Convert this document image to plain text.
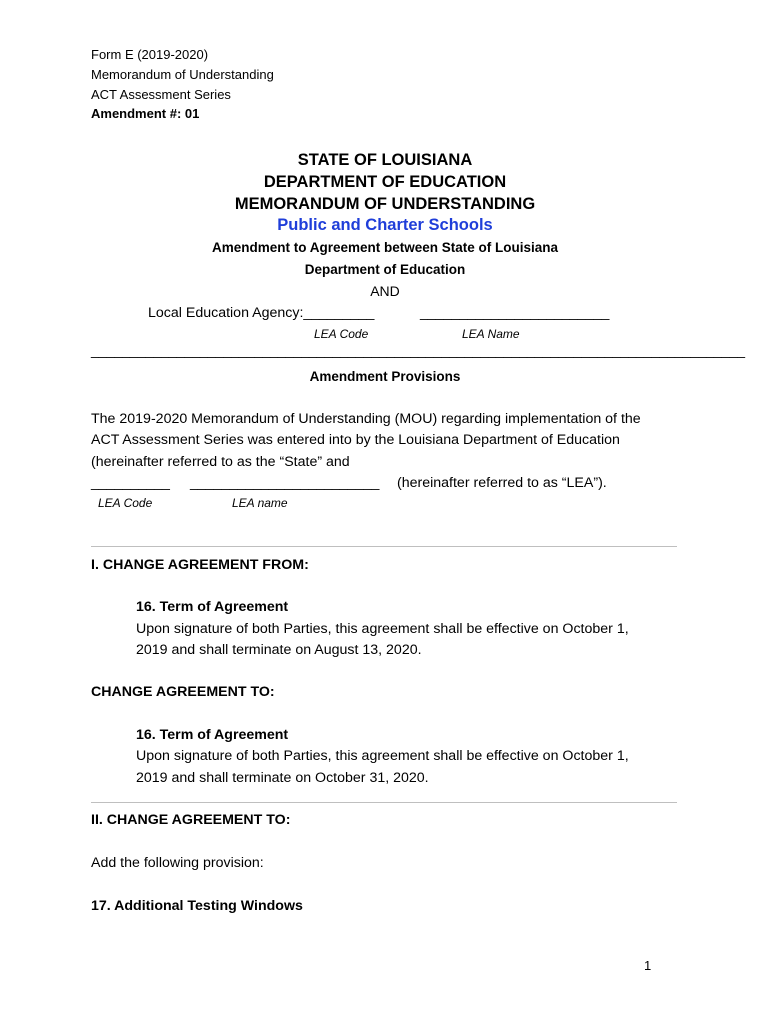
Form E (2019-2020)
Memorandum of Understanding
ACT Assessment Series
Amendment #: 01
STATE OF LOUISIANA
DEPARTMENT OF EDUCATION
MEMORANDUM OF UNDERSTANDING
Public and Charter Schools
Amendment to Agreement between State of Louisiana
Department of Education
AND
Local Education Agency:_________	________________________
LEA Code	LEA Name
____________________________________________________________________________________
Amendment Provisions
The 2019-2020 Memorandum of Understanding (MOU) regarding implementation of the
ACT Assessment Series was entered into by the Louisiana Department of Education
(hereinafter referred to as the “State” and
__________ ________________________ (hereinafter referred to as “LEA”).
LEA Code	LEA name
I. CHANGE AGREEMENT FROM:
16. Term of Agreement
Upon signature of both Parties, this agreement shall be effective on October 1,
2019 and shall terminate on August 13, 2020.
CHANGE AGREEMENT TO:
16. Term of Agreement
Upon signature of both Parties, this agreement shall be effective on October 1,
2019 and shall terminate on October 31, 2020.
II. CHANGE AGREEMENT TO:
Add the following provision:
17. Additional Testing Windows
1
